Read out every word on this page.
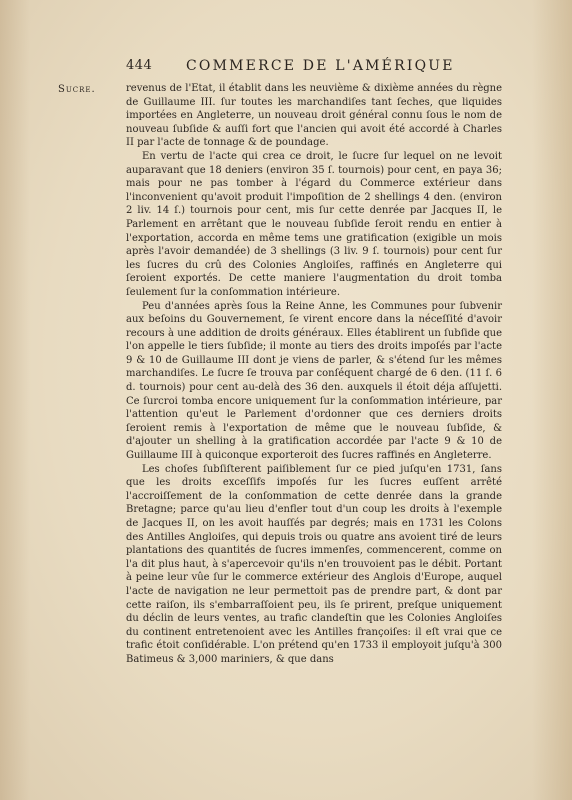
444 COMMERCE DE L'AMÉRIQUE
Sucre.	revenus de l'Etat, il établit dans les neuvième & dixième années du règne de Guillaume III. ſur toutes les marchandiſes tant ſeches, que liquides importées en Angleterre, un nouveau droit général connu ſous le nom de nouveau ſubſide & auſſi fort que l'ancien qui avoit été accordé à Charles II par l'acte de tonnage & de poundage.

En vertu de l'acte qui crea ce droit, le ſucre ſur lequel on ne levoit auparavant que 18 deniers (environ 35 ſ. tournois) pour cent, en paya 36; mais pour ne pas tomber à l'égard du Commerce extérieur dans l'inconvenient qu'avoit produit l'impoſition de 2 shellings 4 den. (environ 2 liv. 14 ſ.) tournois pour cent, mis ſur cette denrée par Jacques II, le Parlement en arrêtant que le nouveau ſubſide ſeroit rendu en entier à l'exportation, accorda en même tems une gratification (exigible un mois après l'avoir demandée) de 3 shellings (3 liv. 9 ſ. tournois) pour cent ſur les ſucres du crû des Colonies Angloiſes, raffinés en Angleterre qui ſeroient exportés. De cette maniere l'augmentation du droit tomba ſeulement ſur la conſommation intérieure.

Peu d'années après ſous la Reine Anne, les Communes pour ſubvenir aux beſoins du Gouvernement, ſe virent encore dans la néceſſité d'avoir recours à une addition de droits généraux. Elles établirent un ſubſide que l'on appelle le tiers ſubſide; il monte au tiers des droits impoſés par l'acte 9 & 10 de Guillaume III dont je viens de parler, & s'étend ſur les mêmes marchandiſes. Le ſucre ſe trouva par conſéquent chargé de 6 den. (11 ſ. 6 d. tournois) pour cent au-delà des 36 den. auxquels il étoit déja aſſujetti. Ce ſurcroi tomba encore uniquement ſur la conſommation intérieure, par l'attention qu'eut le Parlement d'ordonner que ces derniers droits ſeroient remis à l'exportation de même que le nouveau ſubſide, & d'ajouter un shelling à la gratification accordée par l'acte 9 & 10 de Guillaume III à quiconque exporteroit des ſucres raffinés en Angleterre.

Les choſes ſubſiſterent paiſiblement ſur ce pied juſqu'en 1731, ſans que les droits exceſſifs impoſés ſur les ſucres euſſent arrêté l'accroiſſement de la conſommation de cette denrée dans la grande Bretagne; parce qu'au lieu d'enfler tout d'un coup les droits à l'exemple de Jacques II, on les avoit hauſſés par degrés; mais en 1731 les Colons des Antilles Angloiſes, qui depuis trois ou quatre ans avoient tiré de leurs plantations des quantités de ſucres immenſes, commencerent, comme on l'a dit plus haut, à s'apercevoir qu'ils n'en trouvoient pas le débit. Portant à peine leur vûe ſur le commerce extérieur des Anglois d'Europe, auquel l'acte de navigation ne leur permettoit pas de prendre part, & dont par cette raiſon, ils s'embarraſſoient peu, ils ſe prirent, preſque uniquement du déclin de leurs ventes, au trafic clandeſtin que les Colonies Angloiſes du continent entretenoient avec les Antilles françoiſes: il eſt vrai que ce trafic étoit conſidérable. L'on prétend qu'en 1733 il employoit juſqu'à 300 Batimeus & 3,000 mariniers, & que dans
